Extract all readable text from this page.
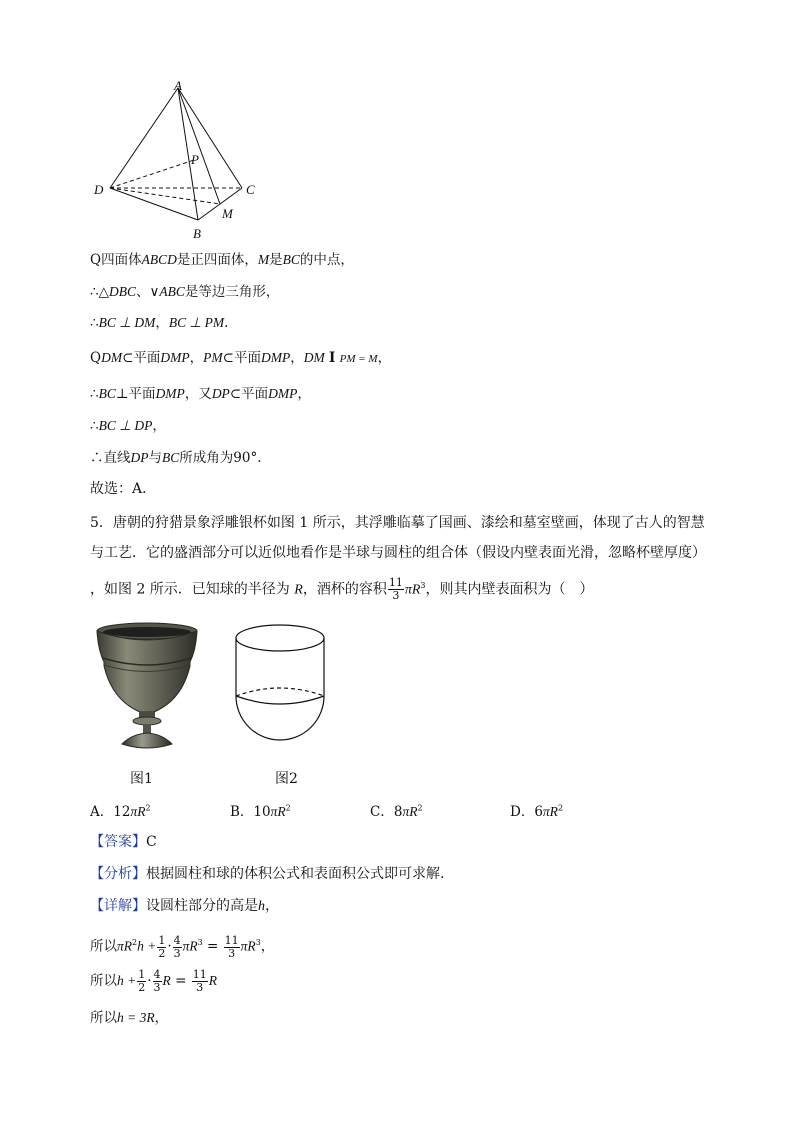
A
D	C
B
M
P
Q四面体ABCD是正四面体，M是BC的中点，
∴△DBC、∨ABC是等边三角形，
∴BC ⊥ DM，BC ⊥ PM.
QDM⊂平面DMP，PM⊂平面DMP，DM I PM = M，
∴BC⊥平面DMP，又DP⊂平面DMP，
∴BC ⊥ DP，
∴直线DP与BC所成角为90°.
故选：A．
5．唐朝的狩猎景象浮雕银杯如图 1 所示，其浮雕临摹了国画、漆绘和墓室壁画，体现了古人的智慧
与工艺．它的盛酒部分可以近似地看作是半球与圆柱的组合体（假设内壁表面光滑，忽略杯壁厚度）
，如图 2 所示．已知球的半径为 R，酒杯的容积 $\frac{11}{3} \pi R^3$，则其内壁表面积为（　）
图1	图2
A．$12\pi R^2$	B．$10\pi R^2$	C．$8\pi R^2$	D．$6\pi R^2$
【答案】C
【分析】根据圆柱和球的体积公式和表面积公式即可求解.
【详解】设圆柱部分的高是h，
所以$\pi R^2h + \frac{1}{2} \cdot \frac{4}{3} \pi R^3 = \frac{11}{3} \pi R^3$，
所以$h + \frac{1}{2} \cdot \frac{4}{3}$ $R = \frac{11}{3}$ R
所以h = 3R，
